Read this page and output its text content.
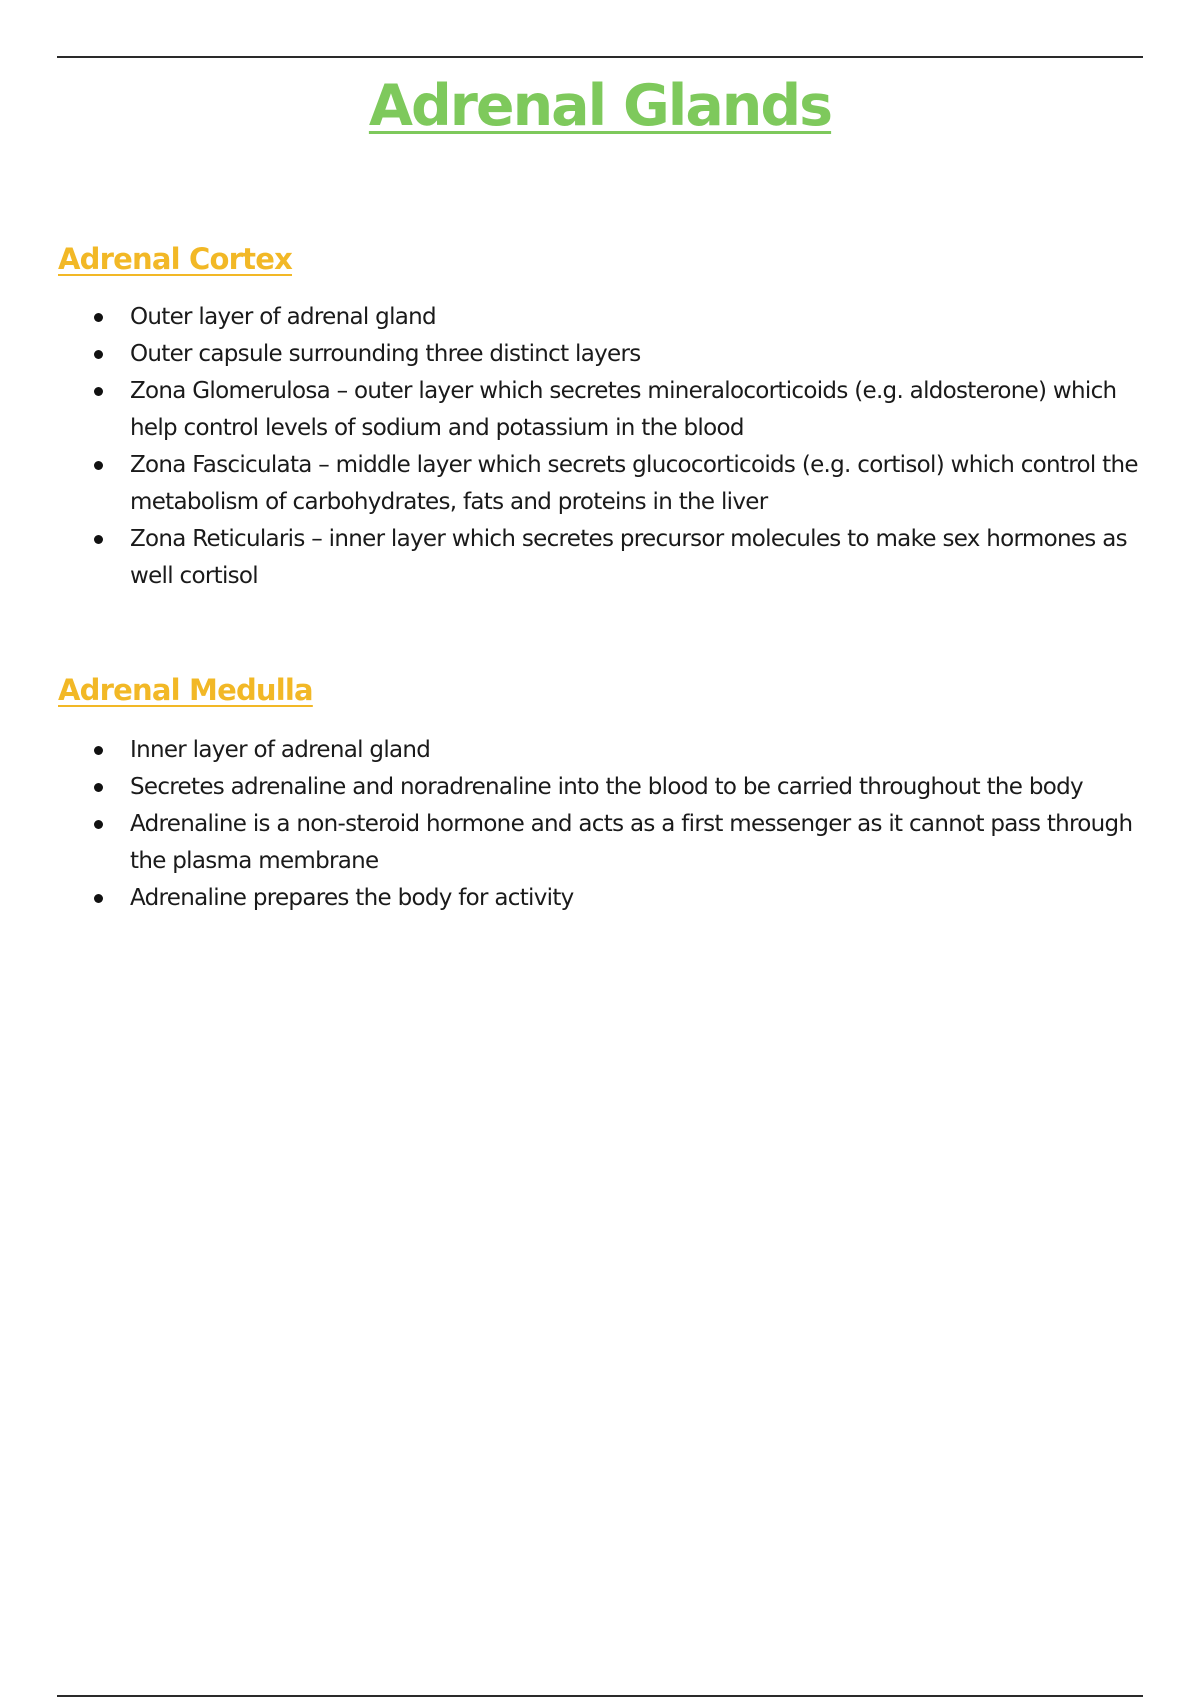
Adrenal Glands
Adrenal Cortex
Outer layer of adrenal gland
Outer capsule surrounding three distinct layers
Zona Glomerulosa – outer layer which secretes mineralocorticoids (e.g. aldosterone) which help control levels of sodium and potassium in the blood
Zona Fasciculata – middle layer which secrets glucocorticoids (e.g. cortisol) which control the metabolism of carbohydrates, fats and proteins in the liver
Zona Reticularis – inner layer which secretes precursor molecules to make sex hormones as well cortisol
Adrenal Medulla
Inner layer of adrenal gland
Secretes adrenaline and noradrenaline into the blood to be carried throughout the body
Adrenaline is a non-steroid hormone and acts as a first messenger as it cannot pass through the plasma membrane
Adrenaline prepares the body for activity
